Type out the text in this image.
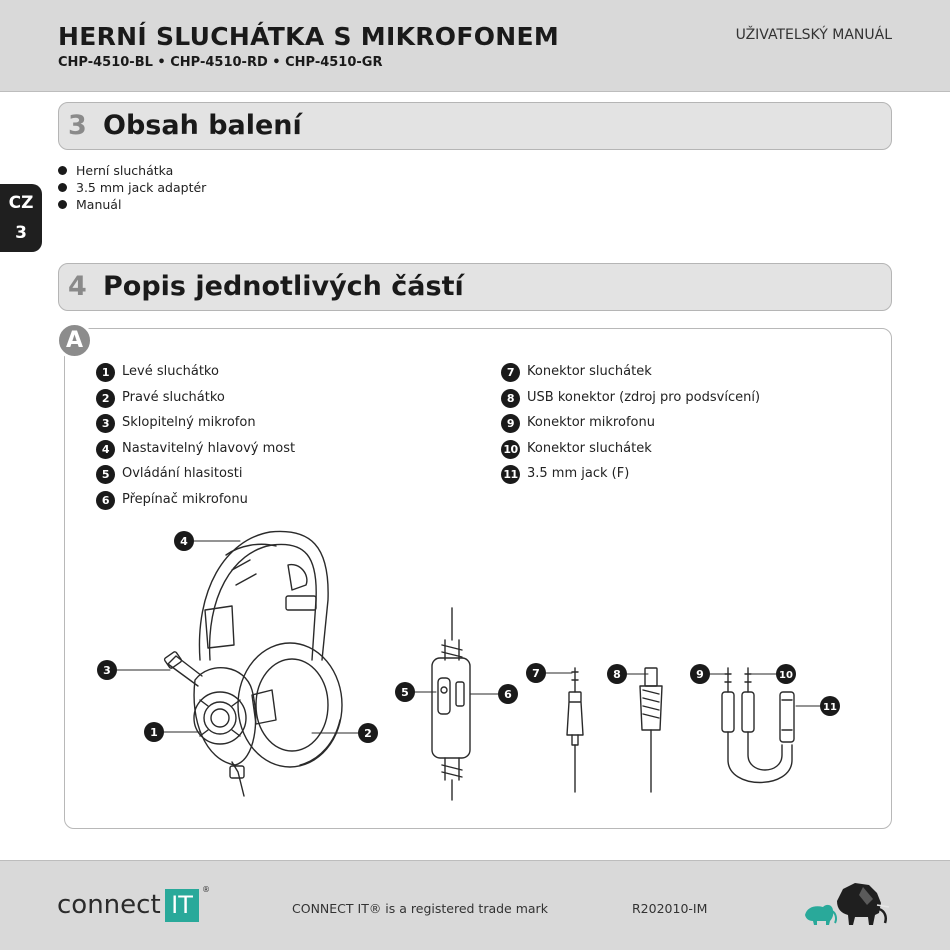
HERNÍ SLUCHÁTKA S MIKROFONEM
CHP-4510-BL • CHP-4510-RD • CHP-4510-GR
UŽIVATELSKÝ MANUÁL
CZ
3
3 Obsah balení
Herní sluchátka
3.5 mm jack adaptér
Manuál
4 Popis jednotlivých částí
A
1 Levé sluchátko
2 Pravé sluchátko
3 Sklopitelný mikrofon
4 Nastavitelný hlavový most
5 Ovládání hlasitosti
6 Přepínač mikrofonu
7 Konektor sluchátek
8 USB konektor (zdroj pro podsvícení)
9 Konektor mikrofonu
10 Konektor sluchátek
11 3.5 mm jack (F)
4
3
1	2
5	6
7	8	9	10
11
connect IT
®
CONNECT IT® is a registered trade mark	R202010-IM
